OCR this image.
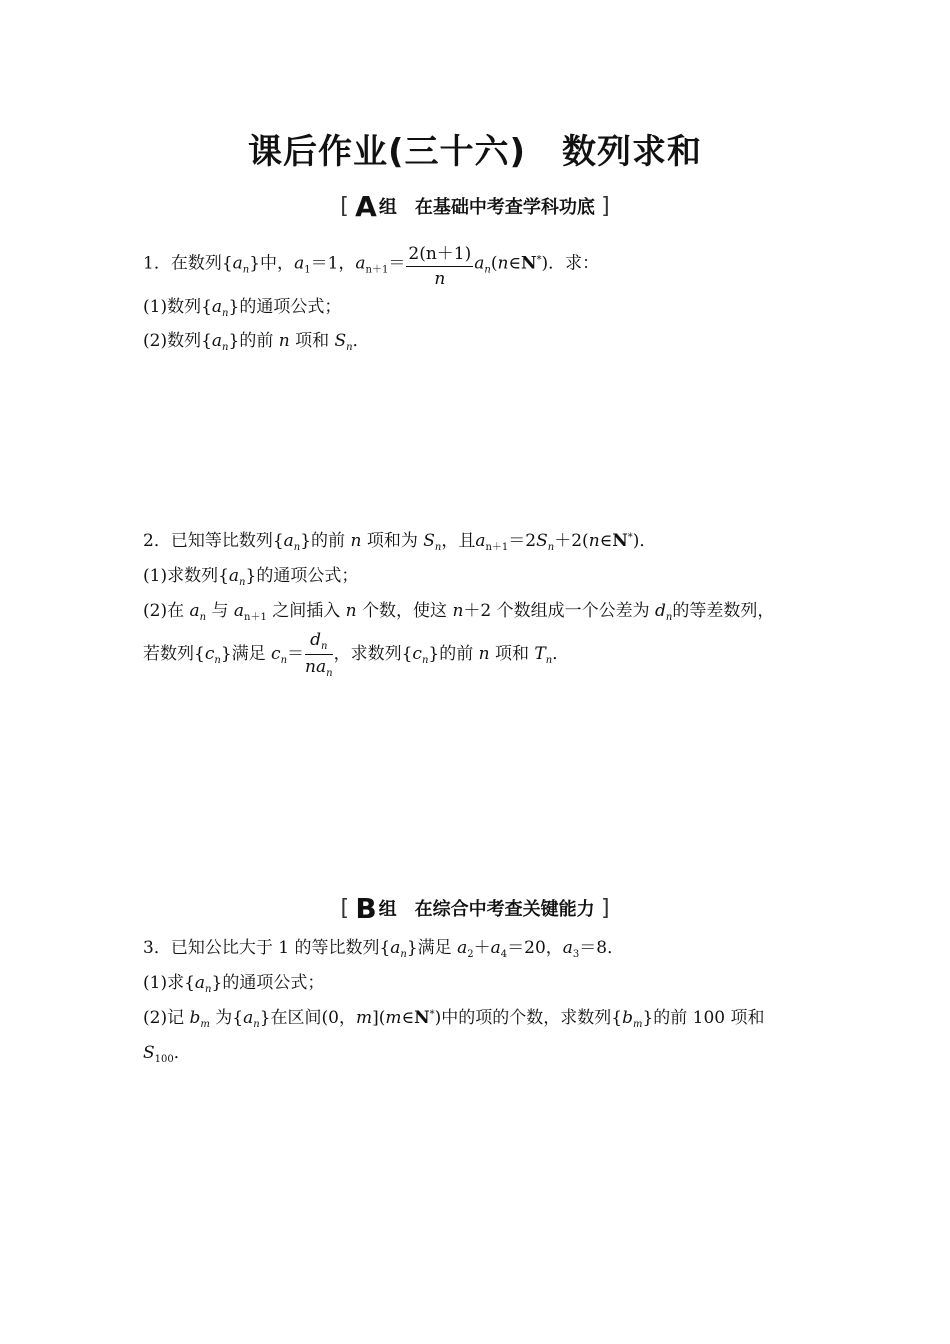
课后作业(三十六) 数列求和
[ A 组 在基础中考查学科功底 ]
1．在数列$\{a_n\}$中，$a_1=1$，$a_{n+1}= \frac{2(n+1)}{n}$ $a_n(n\in N^*)$．求：
(1)数列$\{a_n\}$的通项公式；
(2)数列$\{a_n\}$的前 n 项和 $S_n$．
2．已知等比数列$\{a_n\}$的前 n 项和为 $S_n$，且$a_{n+1}=2S_n+2(n\in N^*)$．
(1)求数列$\{a_n\}$的通项公式；
(2)在 $a_n$ 与 $a_{n+1}$ 之间插入 n 个数，使这 n＋2 个数组成一个公差为 $d_n$的等差数列，
若数列$\{c_n\}$满足 $c_n= \frac{d_n}{na_n}$ ，求数列$\{c_n\}$的前 n 项和 $T_n$．
[ B 组 在综合中考查关键能力 ]
3．已知公比大于 1 的等比数列$\{a_n\}$满足 $a_2+a_4=20$，$a_3=8$．
(1)求$\{a_n\}$的通项公式；
(2)记 $b_m$ 为$\{a_n\}$在区间(0，m](m∈N*)中的项的个数，求数列$\{b_m\}$的前 100 项和
$S_{100}$．
